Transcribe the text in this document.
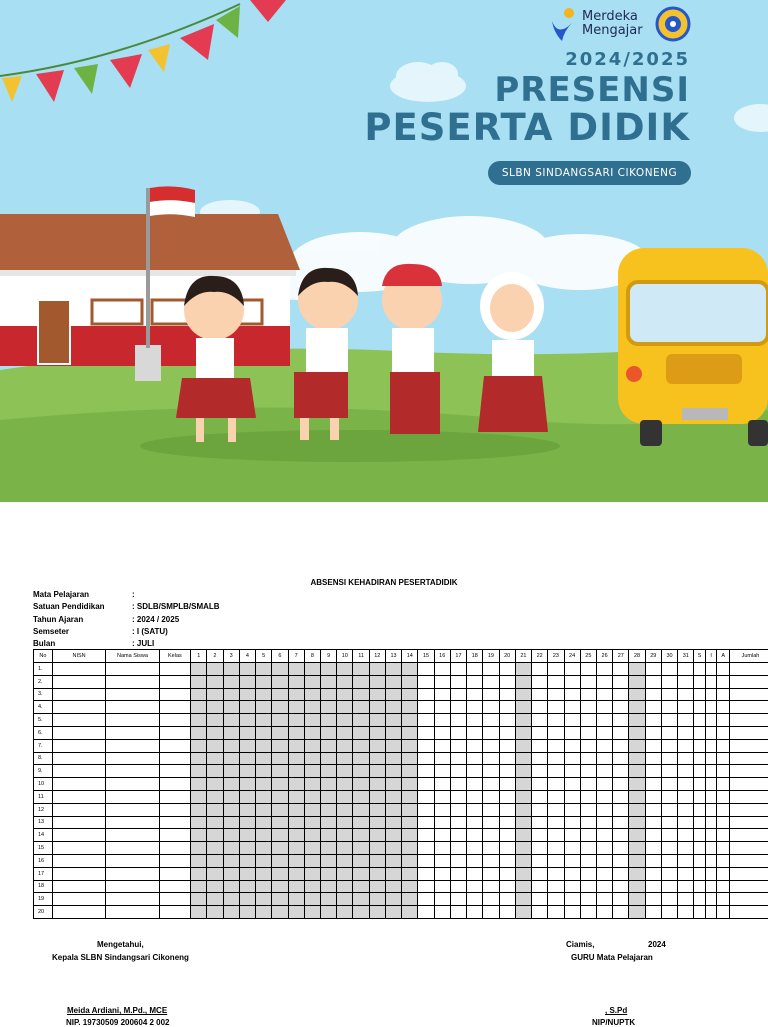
Merdeka
Mengajar
2024/2025
PRESENSI
PESERTA DIDIK
SLBN SINDANGSARI CIKONENG
ABSENSI KEHADIRAN PESERTADIDIK
Mata Pelajaran	:
Satuan Pendidikan	: SDLB/SMPLB/SMALB
Tahun Ajaran	: 2024 / 2025
Semseter	: I (SATU)
Bulan	: JULI
No	NISN	Nama Siswa	Kelas	1	2	3	4	5	6	7	8	9	10	11	12	13	14	15	16	17	18	19	20	21	22	23	24	25	26	27	28	29	30	31	S	I	A	Jumlah
1.																																						
2.																																						
3.																																						
4.																																						
5.																																						
6.																																						
7.																																						
8.																																						
9.																																						
10																																						
11																																						
12																																						
13																																						
14																																						
15																																						
16																																						
17																																						
18																																						
19																																						
20																																						
Mengetahui,
Kepala SLBN Sindangsari Cikoneng
Meida Ardiani, M.Pd., MCE
NIP. 19730509 200604 2 002
Ciamis,	2024
GURU Mata Pelajaran
, S.Pd
NIP/NUPTK
